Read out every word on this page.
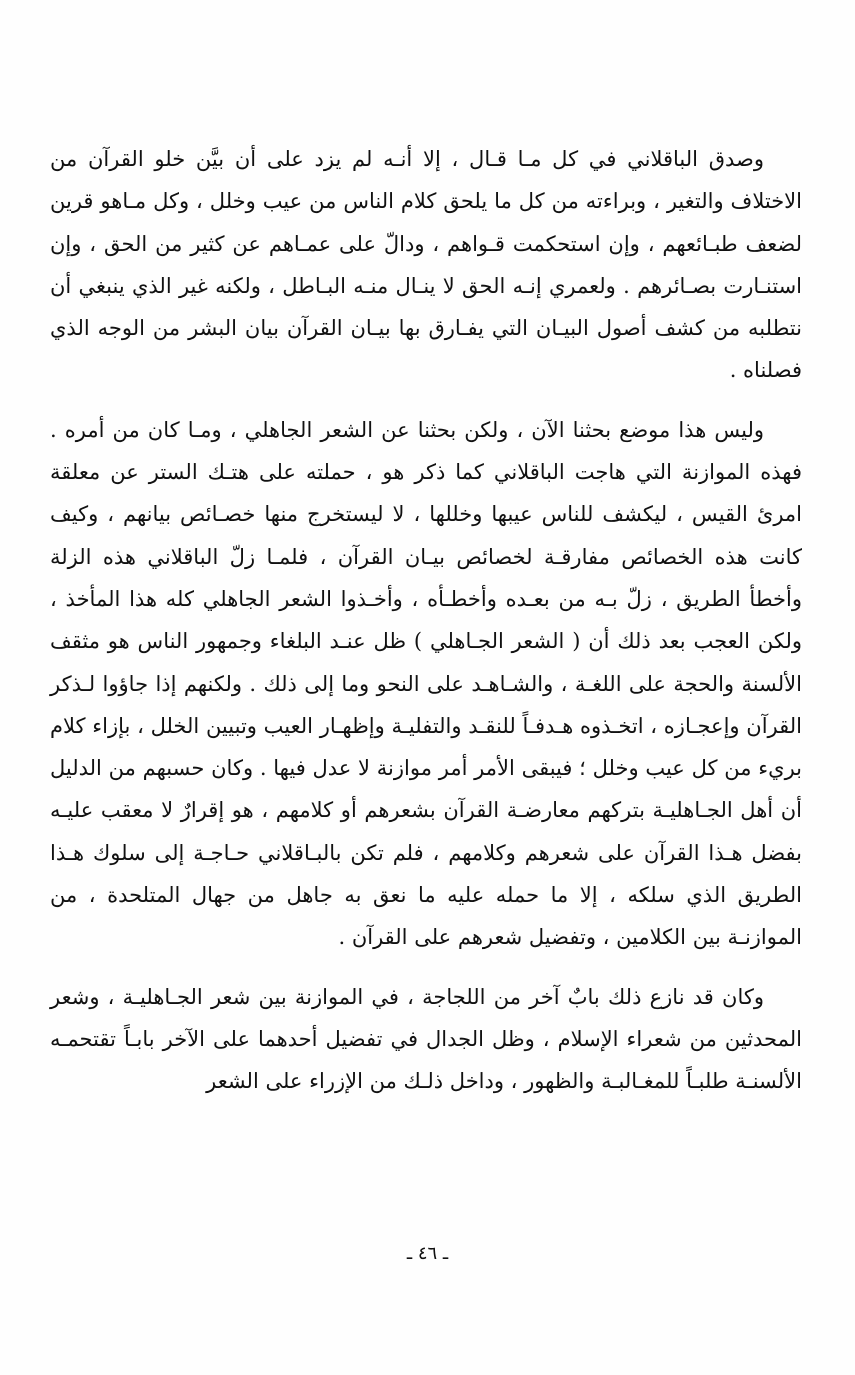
وصدق الباقلاني في كل مـا قـال ، إلا أنـه لم يزد على أن بيَّن خلو القرآن من الاختلاف والتغير ، وبراءته من كل ما يلحق كلام الناس من عيب وخلل ، وكل مـاهو قرين لضعف طبـائعهم ، وإن استحكمت قـواهم ، ودالّ على عمـاهم عن كثير من الحق ، وإن استنـارت بصـائرهم . ولعمري إنـه الحق لا ينـال منـه البـاطل ، ولكنه غير الذي ينبغي أن نتطلبه من كشف أصول البيـان التي يفـارق بها بيـان القرآن بيان البشر من الوجه الذي فصلناه .

وليس هذا موضع بحثنا الآن ، ولكن بحثنا عن الشعر الجاهلي ، ومـا كان من أمره . فهذه الموازنة التي هاجت الباقلاني كما ذكر هو ، حملته على هتـك الستر عن معلقة امرئ القيس ، ليكشف للناس عيبها وخللها ، لا ليستخرج منها خصـائص بيانهم ، وكيف كانت هذه الخصائص مفارقـة لخصائص بيـان القرآن ، فلمـا زلّ الباقلاني هذه الزلة وأخطأ الطريق ، زلّ بـه من بعـده وأخطـأه ، وأخـذوا الشعر الجاهلي كله هذا المأخذ ، ولكن العجب بعد ذلك أن ( الشعر الجـاهلي ) ظل عنـد البلغاء وجمهور الناس هو مثقف الألسنة والحجة على اللغـة ، والشـاهـد على النحو وما إلى ذلك . ولكنهم إذا جاؤوا لـذكر القرآن وإعجـازه ، اتخـذوه هـدفـاً للنقـد والتفليـة وإظهـار العيب وتبيين الخلل ، بإزاء كلام بريء من كل عيب وخلل ؛ فيبقى الأمر أمر موازنة لا عدل فيها . وكان حسبهم من الدليل أن أهل الجـاهليـة بتركهم معارضـة القرآن بشعرهم أو كلامهم ، هو إقرارٌ لا معقب عليـه بفضل هـذا القرآن على شعرهم وكلامهم ، فلم تكن بالبـاقلاني حـاجـة إلى سلوك هـذا الطريق الذي سلكه ، إلا ما حمله عليه ما نعق به جاهل من جهال المتلحدة ، من الموازنـة بين الكلامين ، وتفضيل شعرهم على القرآن .

وكان قد نازع ذلك بابٌ آخر من اللجاجة ، في الموازنة بين شعر الجـاهليـة ، وشعر المحدثين من شعراء الإسلام ، وظل الجدال في تفضيل أحدهما على الآخر بابـاً تقتحمـه الألسنـة طلبـاً للمغـالبـة والظهور ، وداخل ذلـك من الإزراء على الشعر

ـ ٤٦ ـ
